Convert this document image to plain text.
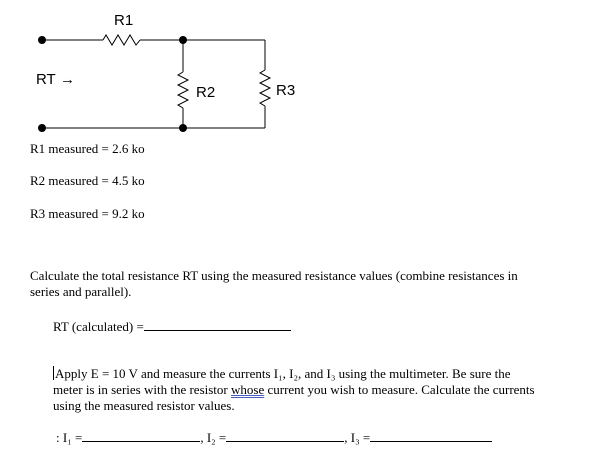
R1
R2	R3
RT →
R1 measured = 2.6 ko
R2 measured = 4.5 ko
R3 measured = 9.2 ko
Calculate the total resistance RT using the measured resistance values (combine resistances in
series and parallel).
RT (calculated) =
Apply E = 10 V and measure the currents I₁, I₂, and I₃ using the multimeter. Be sure the
meter is in series with the resistor whose current you wish to measure. Calculate the currents
using the measured resistor values.
: I₁ =	, I₂ =	, I₃ =
